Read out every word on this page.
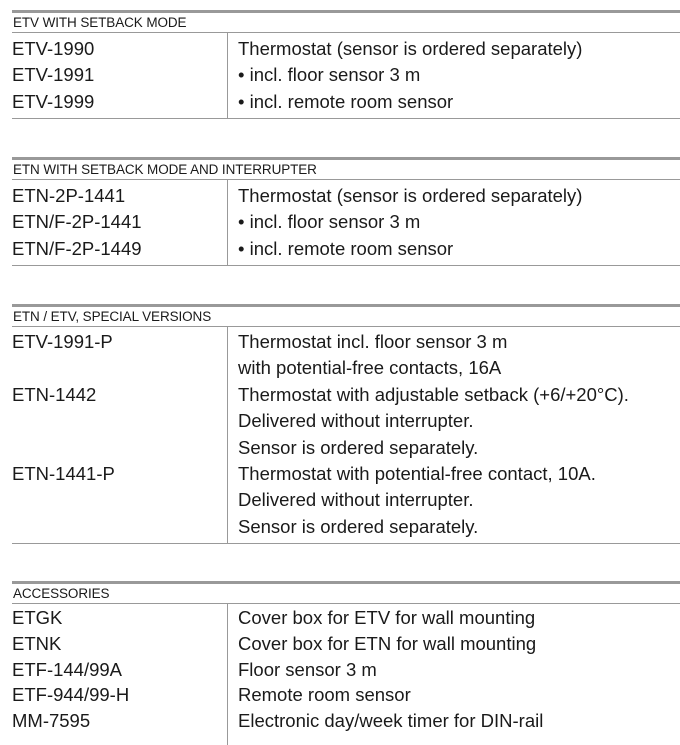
ETV WITH SETBACK MODE
ETV-1990	Thermostat (sensor is ordered separately)
ETV-1991	• incl. floor sensor 3 m
ETV-1999	• incl. remote room sensor
ETN WITH SETBACK MODE AND INTERRUPTER
ETN-2P-1441	Thermostat (sensor is ordered separately)
ETN/F-2P-1441	• incl. floor sensor 3 m
ETN/F-2P-1449	• incl. remote room sensor
ETN / ETV, SPECIAL VERSIONS
ETV-1991-P	Thermostat incl. floor sensor 3 m
with potential-free contacts, 16A
ETN-1442	Thermostat with adjustable setback (+6/+20°C).
Delivered without interrupter.
Sensor is ordered separately.
ETN-1441-P	Thermostat with potential-free contact, 10A.
Delivered without interrupter.
Sensor is ordered separately.
ACCESSORIES
ETGK	Cover box for ETV for wall mounting
ETNK	Cover box for ETN for wall mounting
ETF-144/99A	Floor sensor 3 m
ETF-944/99-H	Remote room sensor
MM-7595	Electronic day/week timer for DIN-rail
